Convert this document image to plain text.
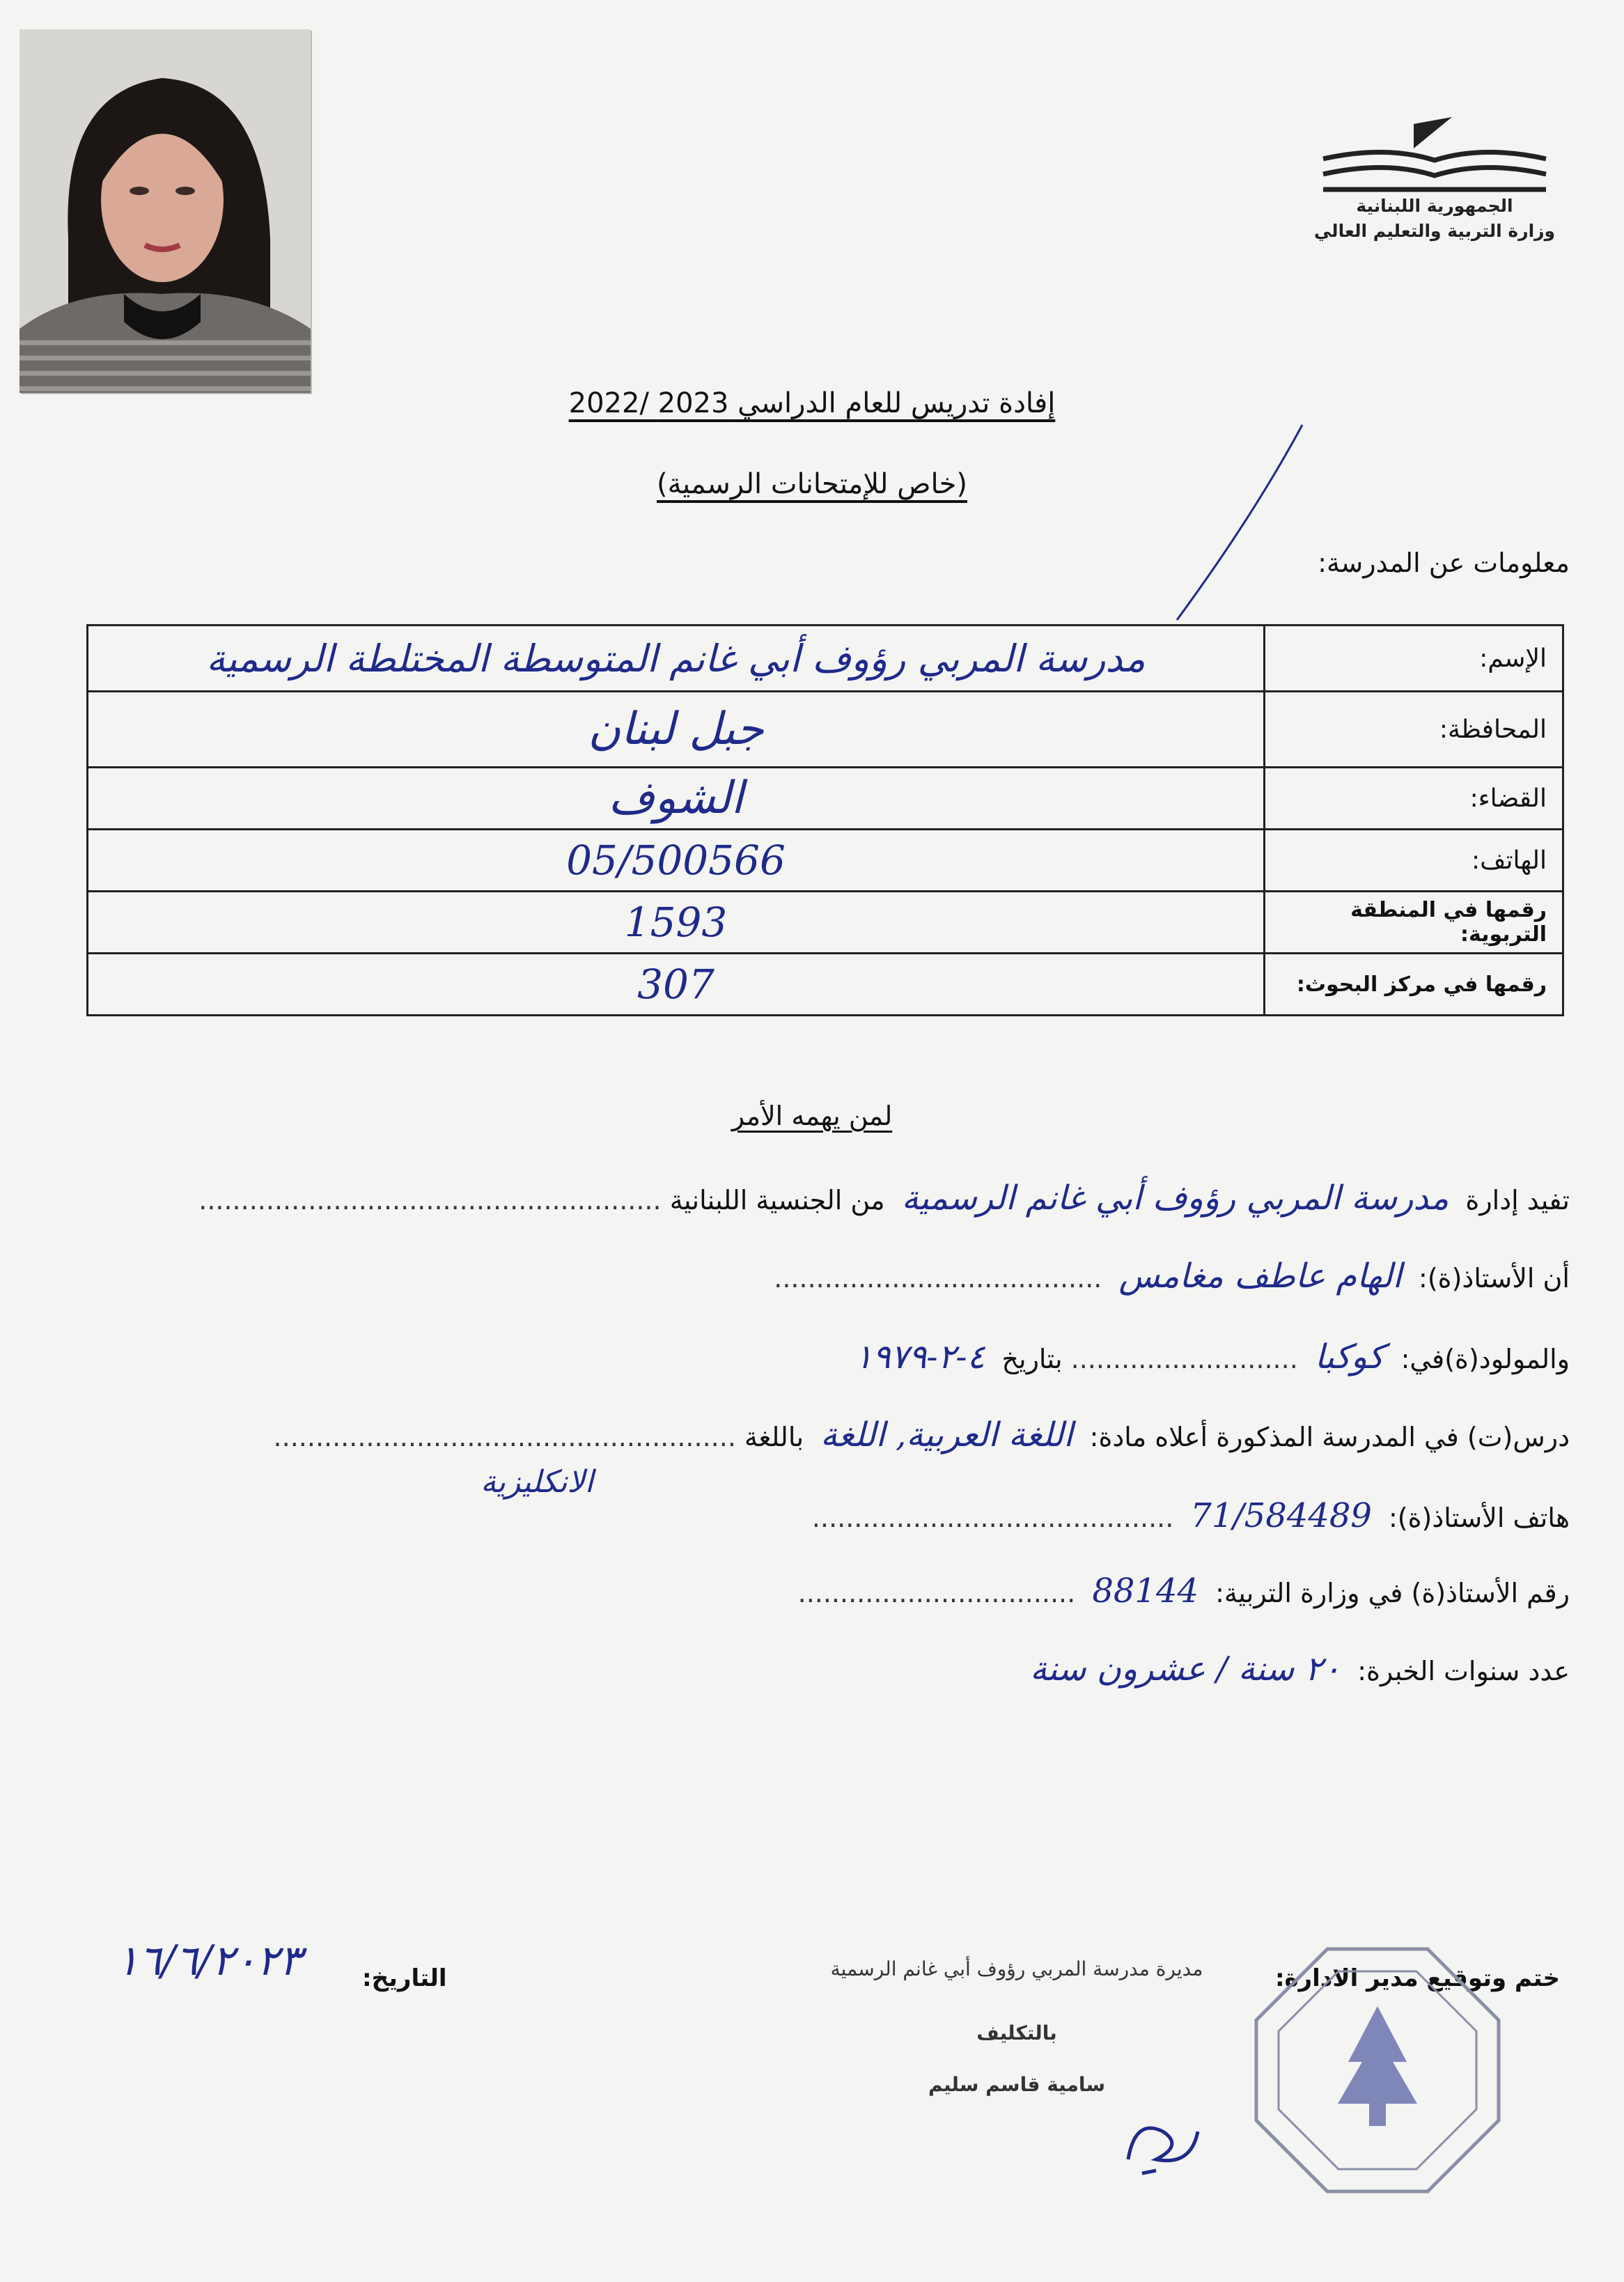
الجمهورية اللبنانية
وزارة التربية والتعليم العالي
إفادة تدريس للعام الدراسي 2023 /2022
(خاص للإمتحانات الرسمية)
معلومات عن المدرسة:
مدرسة المربي رؤوف أبي غانم المتوسطة المختلطة الرسمية	الإسم:
جبل لبنان	المحافظة:
الشوف	القضاء:
05/500566	الهاتف:
1593	رقمها في المنطقة التربوية:
307	رقمها في مركز البحوث:
لمن يهمه الأمر
تفيد إدارة مدرسة المربي رؤوف أبي غانم الرسمية من الجنسية اللبنانية .......................................................
أن الأستاذ(ة): الهام عاطف مغامس .......................................
والمولود(ة)في: كوكبا ........................... بتاريخ ٤-٢-١٩٧٩
درس(ت) في المدرسة المذكورة أعلاه مادة: اللغة العربية, اللغة باللغة .......................................................
الانكليزية
هاتف الأستاذ(ة): 71/584489 ...........................................
رقم الأستاذ(ة) في وزارة التربية: 88144 .................................
عدد سنوات الخبرة: ٢٠ سنة / عشرون سنة
ختم وتوقيع مدير الادارة:
مديرة مدرسة المربي رؤوف أبي غانم الرسمية
بالتكليف
سامية قاسم سليم
التاريخ:
١٦/٦/٢٠٢٣
